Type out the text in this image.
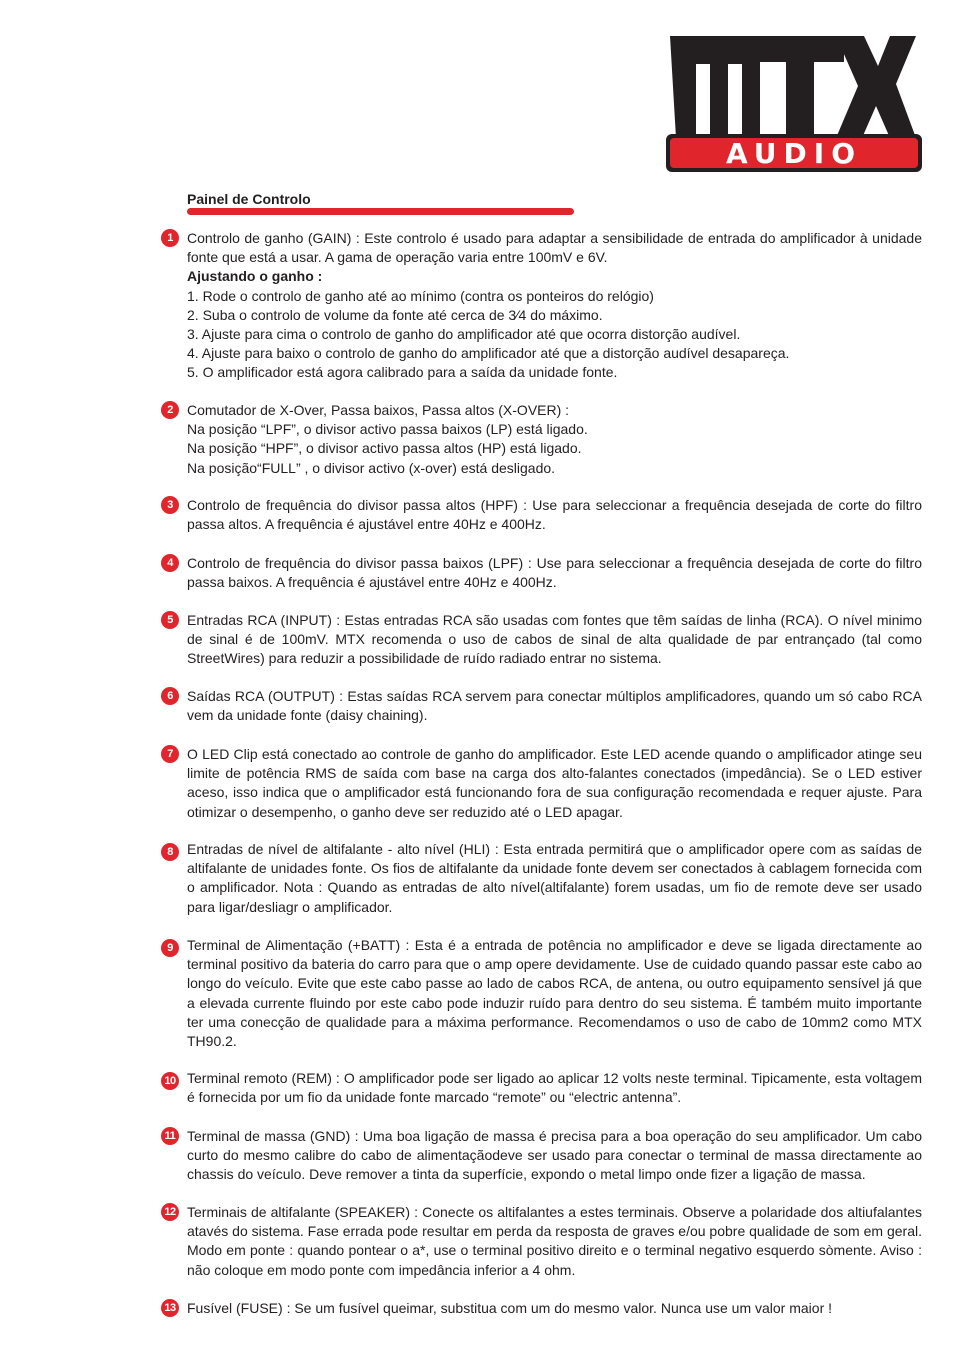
AUDIO
®
Painel de Controlo
1	Controlo de ganho (GAIN) : Este controlo é usado para adaptar a sensibilidade de entrada do amplificador à unidade fonte que está a usar. A gama de operação varia entre 100mV e 6V.

Ajustando o ganho :
1. Rode o controlo de ganho até ao mínimo (contra os ponteiros do relógio)
2. Suba o controlo de volume da fonte até cerca de 3⁄4 do máximo.
3. Ajuste para cima o controlo de ganho do amplificador até que ocorra distorção audível.
4. Ajuste para baixo o controlo de ganho do amplificador até que a distorção audível desapareça.
5. O amplificador está agora calibrado para a saída da unidade fonte.
2	Comutador de X-Over, Passa baixos, Passa altos (X-OVER) :
Na posição “LPF”, o divisor activo passa baixos (LP) está ligado.
Na posição “HPF”, o divisor activo passa altos (HP) está ligado.
Na posição“FULL” , o divisor activo (x-over) está desligado.
3	Controlo de frequência do divisor passa altos (HPF) : Use para seleccionar a frequência desejada de corte do filtro passa altos. A frequência é ajustável entre 40Hz e 400Hz.

4	Controlo de frequência do divisor passa baixos (LPF) : Use para seleccionar a frequência desejada de corte do filtro passa baixos. A frequência é ajustável entre 40Hz e 400Hz.

5	Entradas RCA (INPUT) : Estas entradas RCA são usadas com fontes que têm saídas de linha (RCA). O nível minimo de sinal é de 100mV. MTX recomenda o uso de cabos de sinal de alta qualidade de par entrançado (tal como StreetWires) para reduzir a possibilidade de ruído radiado entrar no sistema.

6	Saídas RCA (OUTPUT) : Estas saídas RCA servem para conectar múltiplos amplificadores, quando um só cabo RCA vem da unidade fonte (daisy chaining).

7	O LED Clip está conectado ao controle de ganho do amplificador. Este LED acende quando o amplificador atinge seu limite de potência RMS de saída com base na carga dos alto-falantes conectados (impedância). Se o LED estiver aceso, isso indica que o amplificador está funcionando fora de sua configuração recomendada e requer ajuste. Para otimizar o desempenho, o ganho deve ser reduzido até o LED apagar.

8	Entradas de nível de altifalante - alto nível (HLI) : Esta entrada permitirá que o amplificador opere com as saídas de altifalante de unidades fonte. Os fios de altifalante da unidade fonte devem ser conectados à cablagem fornecida com o amplificador. Nota : Quando as entradas de alto nível(altifalante) forem usadas, um fio de remote deve ser usado para ligar/desliagr o amplificador.

9	Terminal de Alimentação (+BATT) : Esta é a entrada de potência no amplificador e deve se ligada directamente ao terminal positivo da bateria do carro para que o amp opere devidamente. Use de cuidado quando passar este cabo ao longo do veículo. Evite que este cabo passe ao lado de cabos RCA, de antena, ou outro equipamento sensível já que a elevada currente fluindo por este cabo pode induzir ruído para dentro do seu sistema. É também muito importante ter uma conecção de qualidade para a máxima performance. Recomendamos o uso de cabo de 10mm2 como MTX TH90.2.

10 Terminal remoto (REM) : O amplificador pode ser ligado ao aplicar 12 volts neste terminal. Tipicamente, esta voltagem é fornecida por um fio da unidade fonte marcado “remote” ou “electric antenna”.

11 Terminal de massa (GND) : Uma boa ligação de massa é precisa para a boa operação do seu amplificador. Um cabo curto do mesmo calibre do cabo de alimentaçãodeve ser usado para conectar o terminal de massa directamente ao chassis do veículo. Deve remover a tinta da superfície, expondo o metal limpo onde fizer a ligação de massa.

12 Terminais de altifalante (SPEAKER) : Conecte os altifalantes a estes terminais. Observe a polaridade dos altiufalantes atavés do sistema. Fase errada pode resultar em perda da resposta de graves e/ou pobre qualidade de som em geral. Modo em ponte : quando pontear o a*, use o terminal positivo direito e o terminal negativo esquerdo sòmente. Aviso : não coloque em modo ponte com impedância inferior a 4 ohm.

13 Fusível (FUSE) : Se um fusível queimar, substitua com um do mesmo valor. Nunca use um valor maior !
